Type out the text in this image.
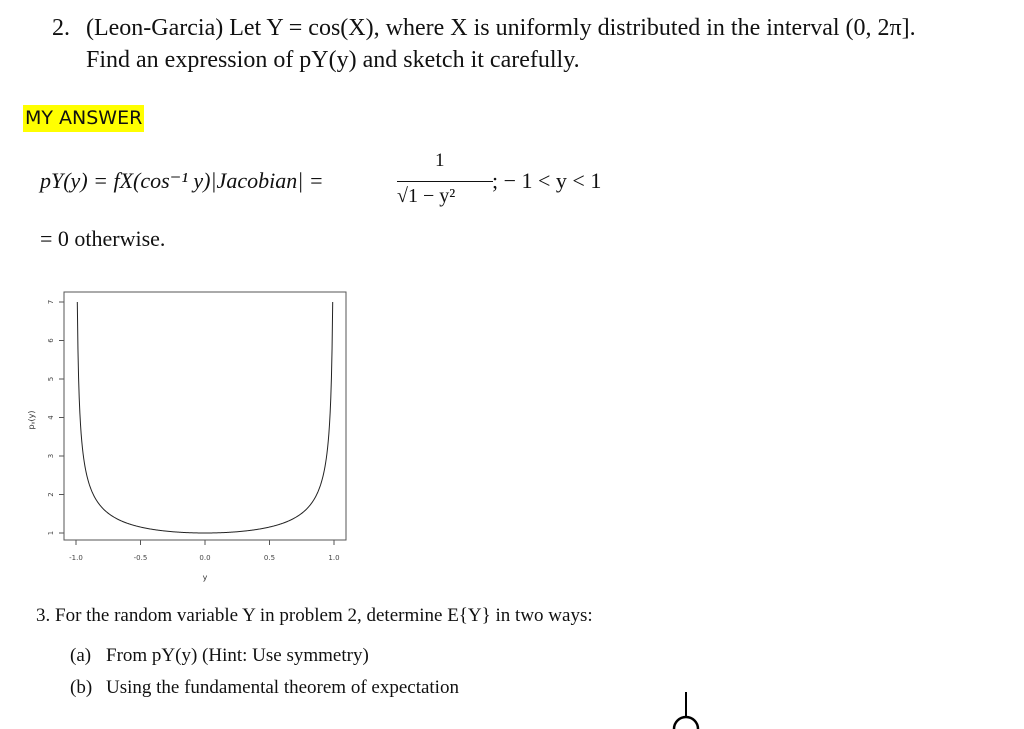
2. (Leon-Garcia) Let Y = cos(X), where X is uniformly distributed in the interval (0, 2π].
Find an expression of pY(y) and sketch it carefully.
MY ANSWER
pY(y) = fX(cos⁻¹ y)|Jacobian| =
1
√1 − y²
; − 1 < y < 1
= 0 otherwise.
pᵧ(y)
-1.0	-0.5	0.0	0.5	1.0
1
2
3
4
5
6
7
y
3. For the random variable Y in problem 2, determine E{Y} in two ways:
(a) From pY(y) (Hint: Use symmetry)
(b) Using the fundamental theorem of expectation
